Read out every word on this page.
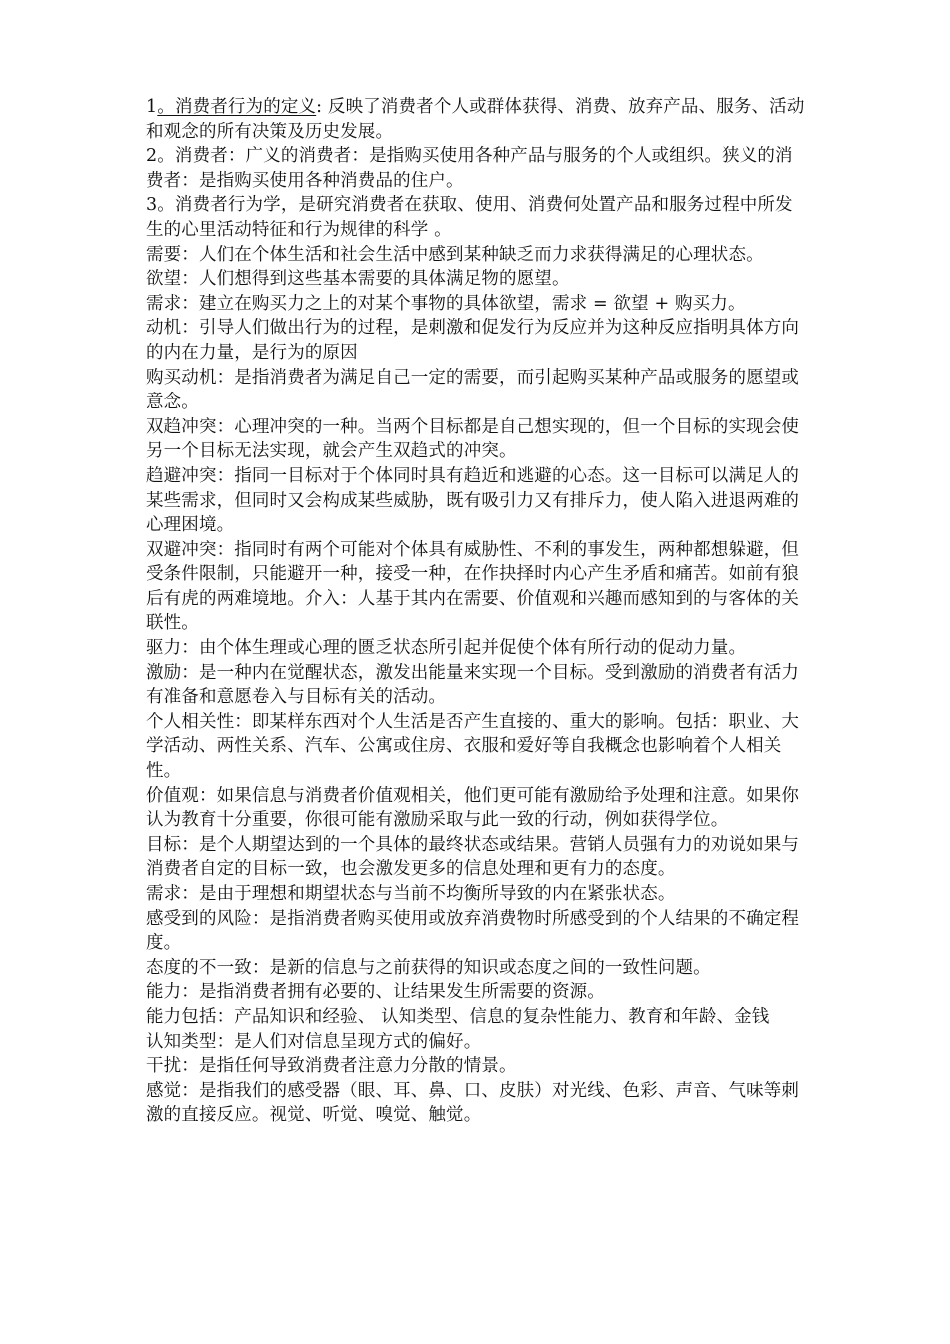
1。消费者行为的定义: 反映了消费者个人或群体获得、消费、放弃产品、服务、活动和观念的所有决策及历史发展。

2。消费者：广义的消费者：是指购买使用各种产品与服务的个人或组织。狭义的消费者：是指购买使用各种消费品的住户。

3。消费者行为学，是研究消费者在获取、使用、消费何处置产品和服务过程中所发生的心里活动特征和行为规律的科学 。

需要：人们在个体生活和社会生活中感到某种缺乏而力求获得满足的心理状态。

欲望：人们想得到这些基本需要的具体满足物的愿望。

需求：建立在购买力之上的对某个事物的具体欲望，需求 = 欲望 + 购买力。

动机：引导人们做出行为的过程，是刺激和促发行为反应并为这种反应指明具体方向的内在力量，是行为的原因

购买动机：是指消费者为满足自己一定的需要，而引起购买某种产品或服务的愿望或意念。

双趋冲突：心理冲突的一种。当两个目标都是自己想实现的，但一个目标的实现会使另一个目标无法实现，就会产生双趋式的冲突。

趋避冲突：指同一目标对于个体同时具有趋近和逃避的心态。这一目标可以满足人的某些需求，但同时又会构成某些威胁，既有吸引力又有排斥力，使人陷入进退两难的心理困境。

双避冲突：指同时有两个可能对个体具有威胁性、不利的事发生，两种都想躲避，但受条件限制，只能避开一种，接受一种，在作抉择时内心产生矛盾和痛苦。如前有狼后有虎的两难境地。介入：人基于其内在需要、价值观和兴趣而感知到的与客体的关联性。

驱力：由个体生理或心理的匮乏状态所引起并促使个体有所行动的促动力量。

激励：是一种内在觉醒状态，激发出能量来实现一个目标。受到激励的消费者有活力有准备和意愿卷入与目标有关的活动。

个人相关性：即某样东西对个人生活是否产生直接的、重大的影响。包括：职业、大学活动、两性关系、汽车、公寓或住房、衣服和爱好等自我概念也影响着个人相关性。

价值观：如果信息与消费者价值观相关，他们更可能有激励给予处理和注意。如果你认为教育十分重要，你很可能有激励采取与此一致的行动，例如获得学位。

目标：是个人期望达到的一个具体的最终状态或结果。营销人员强有力的劝说如果与消费者自定的目标一致，也会激发更多的信息处理和更有力的态度。

需求：是由于理想和期望状态与当前不均衡所导致的内在紧张状态。

感受到的风险：是指消费者购买使用或放弃消费物时所感受到的个人结果的不确定程度。

态度的不一致：是新的信息与之前获得的知识或态度之间的一致性问题。

能力：是指消费者拥有必要的、让结果发生所需要的资源。

能力包括：产品知识和经验、 认知类型、信息的复杂性能力、教育和年龄、金钱

认知类型：是人们对信息呈现方式的偏好。

干扰：是指任何导致消费者注意力分散的情景。

感觉：是指我们的感受器（眼、耳、鼻、口、皮肤）对光线、色彩、声音、气味等刺激的直接反应。视觉、听觉、嗅觉、触觉。
